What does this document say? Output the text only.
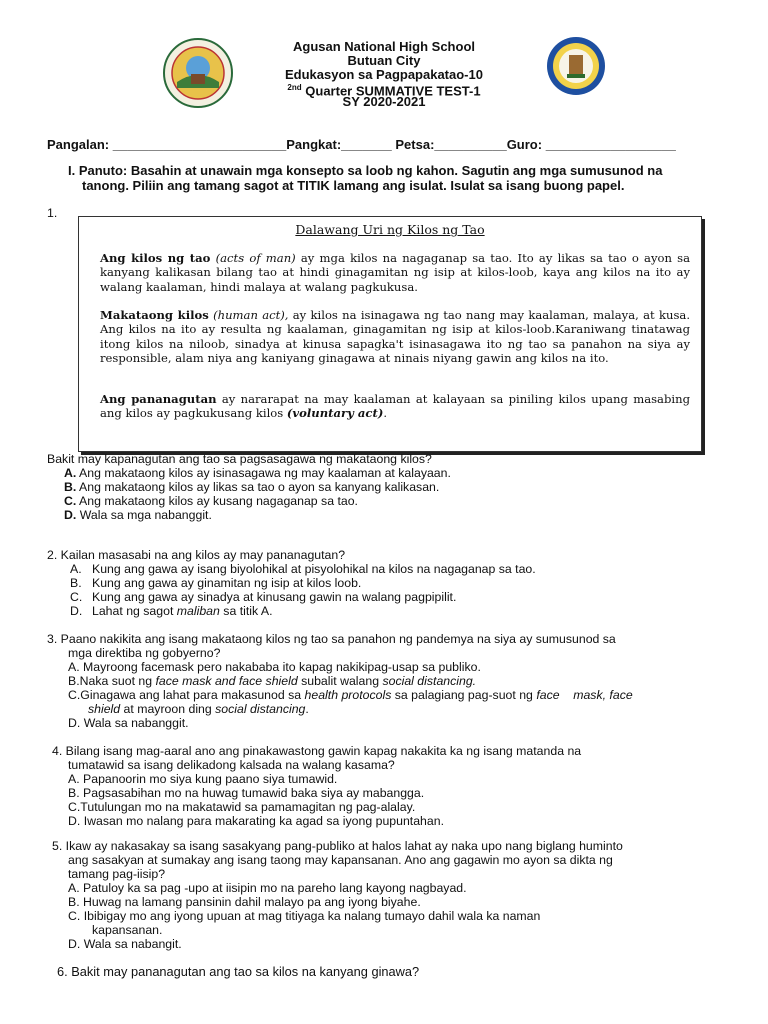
Agusan National High School
Butuan City
Edukasyon sa Pagpapakatao-10
$^{2nd}$ Quarter SUMMATIVE TEST-1
SY 2020-2021
Pangalan: ________________________Pangkat:_______ Petsa:__________Guro: __________________
I. Panuto: Basahin at unawain mga konsepto sa loob ng kahon. Sagutin ang mga sumusunod na
tanong. Piliin ang tamang sagot at TITIK lamang ang isulat. Isulat sa isang buong papel.
1.
Dalawang Uri ng Kilos ng Tao
Ang kilos ng tao (acts of man) ay mga kilos na nagaganap sa tao. Ito ay likas sa tao o ayon sa kanyang kalikasan bilang tao at hindi ginagamitan ng isip at kilos-loob, kaya ang kilos na ito ay walang kaalaman, hindi malaya at walang pagkukusa.
Makataong kilos (human act), ay kilos na isinagawa ng tao nang may kaalaman, malaya, at kusa. Ang kilos na ito ay resulta ng kaalaman, ginagamitan ng isip at kilos-loob.Karaniwang tinatawag itong kilos na niloob, sinadya at kinusa sapagka't isinasagawa ito ng tao sa panahon na siya ay responsible, alam niya ang kaniyang ginagawa at ninais niyang gawin ang kilos na ito.
Ang pananagutan ay nararapat na may kaalaman at kalayaan sa piniling kilos upang masabing ang kilos ay pagkukusang kilos (voluntary act).
Bakit may kapanagutan ang tao sa pagsasagawa ng makataong kilos?
A. Ang makataong kilos ay isinasagawa ng may kaalaman at kalayaan.
B. Ang makataong kilos ay likas sa tao o ayon sa kanyang kalikasan.
C. Ang makataong kilos ay kusang nagaganap sa tao.
D. Wala sa mga nabanggit.
2. Kailan masasabi na ang kilos ay may pananagutan?
A. Kung ang gawa ay isang biyolohikal at pisyolohikal na kilos na nagaganap sa tao.
B. Kung ang gawa ay ginamitan ng isip at kilos loob.
C. Kung ang gawa ay sinadya at kinusang gawin na walang pagpipilit.
D. Lahat ng sagot maliban sa titik A.
3. Paano nakikita ang isang makataong kilos ng tao sa panahon ng pandemya na siya ay sumusunod sa
mga direktiba ng gobyerno?
A. Mayroong facemask pero nakababa ito kapag nakikipag-usap sa publiko.
B.Naka suot ng face mask and face shield subalit walang social distancing.
C.Ginagawa ang lahat para makasunod sa health protocols sa palagiang pag-suot ng face    mask, face
shield at mayroon ding social distancing.
D. Wala sa nabanggit.
4. Bilang isang mag-aaral ano ang pinakawastong gawin kapag nakakita ka ng isang matanda na
tumatawid sa isang delikadong kalsada na walang kasama?
A. Papanoorin mo siya kung paano siya tumawid.
B. Pagsasabihan mo na huwag tumawid baka siya ay mabangga.
C.Tutulungan mo na makatawid sa pamamagitan ng pag-alalay.
D. Iwasan mo nalang para makarating ka agad sa iyong pupuntahan.
5. Ikaw ay nakasakay sa isang sasakyang pang-publiko at halos lahat ay naka upo nang biglang huminto
ang sasakyan at sumakay ang isang taong may kapansanan. Ano ang gagawin mo ayon sa dikta ng
tamang pag-iisip?
A. Patuloy ka sa pag -upo at iisipin mo na pareho lang kayong nagbayad.
B. Huwag na lamang pansinin dahil malayo pa ang iyong biyahe.
C. Ibibigay mo ang iyong upuan at mag titiyaga ka nalang tumayo dahil wala ka naman
kapansanan.
D. Wala sa nabangit.
6. Bakit may pananagutan ang tao sa kilos na kanyang ginawa?
